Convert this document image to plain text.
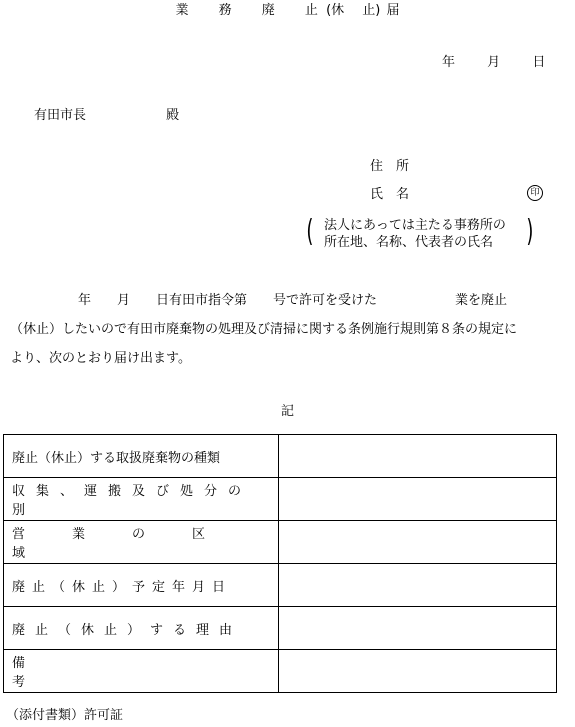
業 務 廃 止 (休 止) 届
年 月 日
有田市長	殿
住　所
氏　名	印
( 法人にあっては主たる事務所の
所在地、名称、代表者の氏名	)
年　　月　　日有田市指令第　　号で許可を受けた　　　　　　業を廃止
（休止）したいので有田市廃棄物の処理及び清掃に関する条例施行規則第８条の規定に
より、次のとおり届け出ます。
記
廃止（休止）する取扱廃棄物の種類	

収集、運搬及び処分の別	

営業の区域	
廃止（休止）予定年月日	
廃止（休止）する理由	
備考	
（添付書類）許可証
